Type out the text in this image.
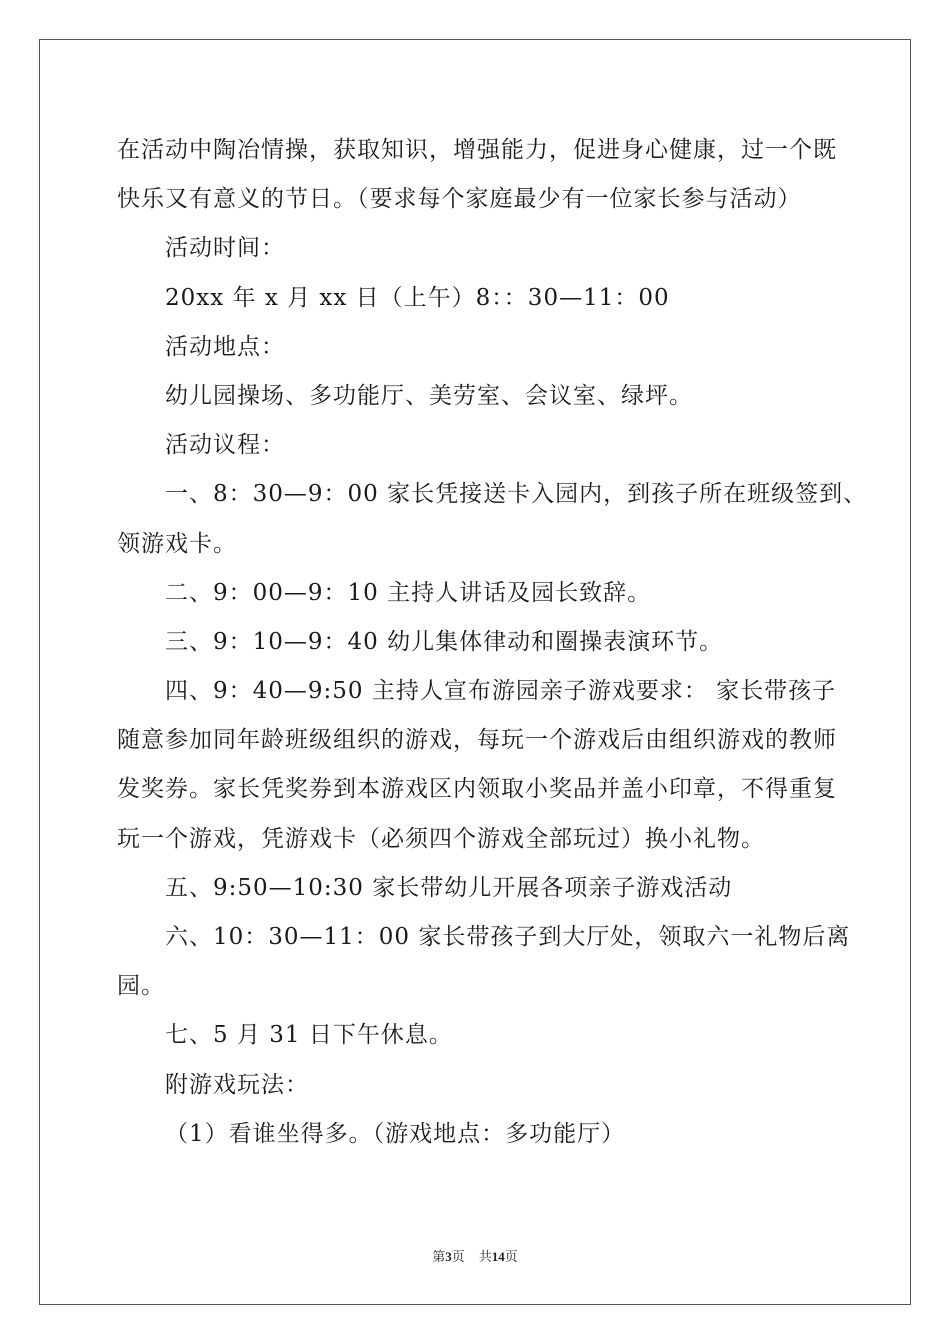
在活动中陶冶情操，获取知识，增强能力，促进身心健康，过一个既
快乐又有意义的节日。（要求每个家庭最少有一位家长参与活动）
活动时间：
20xx 年 x 月 xx 日（上午）8：：30—11：00
活动地点：
幼儿园操场、多功能厅、美劳室、会议室、绿坪。
活动议程：
一、8：30—9：00 家长凭接送卡入园内，到孩子所在班级签到、
领游戏卡。
二、9：00—9：10 主持人讲话及园长致辞。
三、9：10—9：40 幼儿集体律动和圈操表演环节。
四、9：40—9:50 主持人宣布游园亲子游戏要求： 家长带孩子
随意参加同年龄班级组织的游戏，每玩一个游戏后由组织游戏的教师
发奖券。家长凭奖券到本游戏区内领取小奖品并盖小印章，不得重复
玩一个游戏，凭游戏卡（必须四个游戏全部玩过）换小礼物。
五、9:50—10:30 家长带幼儿开展各项亲子游戏活动
六、10：30—11：00 家长带孩子到大厅处，领取六一礼物后离
园。
七、5 月 31 日下午休息。
附游戏玩法：
（1）看谁坐得多。（游戏地点：多功能厅）
第3页 共14页
